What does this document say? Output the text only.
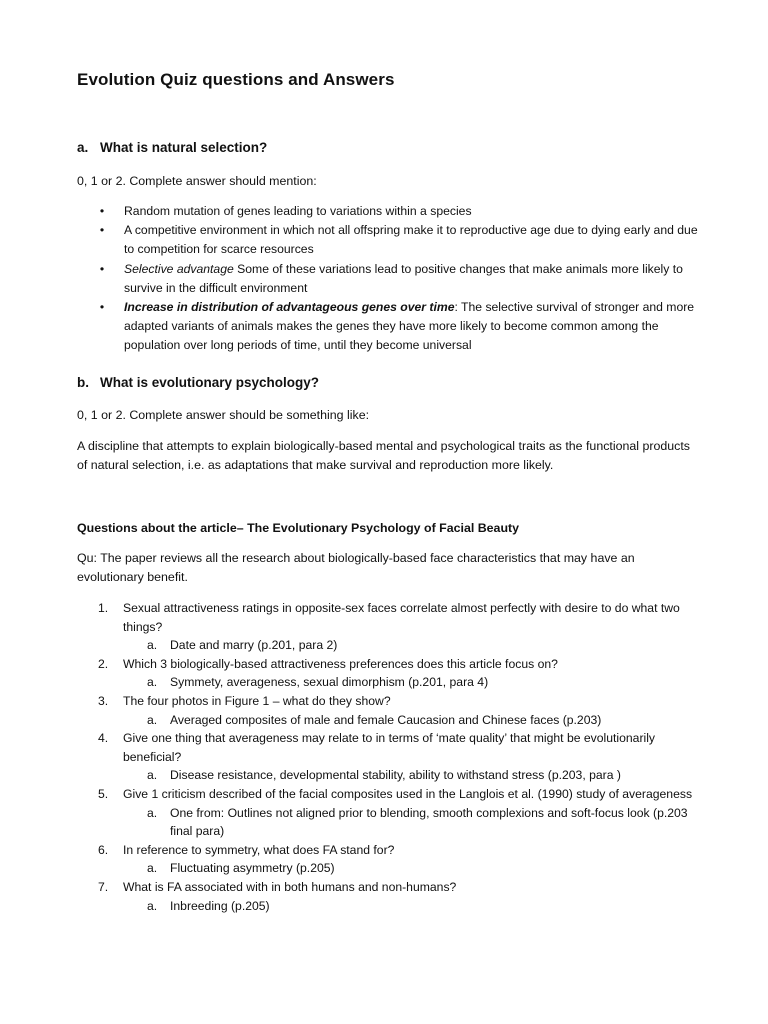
Evolution Quiz questions and Answers
a. What is natural selection?
0, 1 or 2. Complete answer should mention:
• Random mutation of genes leading to variations within a species
• A competitive environment in which not all offspring make it to reproductive age due to dying early and due to competition for scarce resources
• Selective advantage Some of these variations lead to positive changes that make animals more likely to survive in the difficult environment
• Increase in distribution of advantageous genes over time: The selective survival of stronger and more adapted variants of animals makes the genes they have more likely to become common among the population over long periods of time, until they become universal
b. What is evolutionary psychology?
0, 1 or 2. Complete answer should be something like:
A discipline that attempts to explain biologically-based mental and psychological traits as the functional products of natural selection, i.e. as adaptations that make survival and reproduction more likely.
Questions about the article– The Evolutionary Psychology of Facial Beauty
Qu: The paper reviews all the research about biologically-based face characteristics that may have an evolutionary benefit.
1. Sexual attractiveness ratings in opposite-sex faces correlate almost perfectly with desire to do what two things?
a. Date and marry (p.201, para 2)
2. Which 3 biologically-based attractiveness preferences does this article focus on?
a. Symmety, averageness, sexual dimorphism (p.201, para 4)
3. The four photos in Figure 1 – what do they show?
a. Averaged composites of male and female Caucasion and Chinese faces (p.203)
4. Give one thing that averageness may relate to in terms of ‘mate quality’ that might be evolutionarily beneficial?
a. Disease resistance, developmental stability, ability to withstand stress (p.203, para )
5. Give 1 criticism described of the facial composites used in the Langlois et al. (1990) study of averageness
a. One from: Outlines not aligned prior to blending, smooth complexions and soft-focus look (p.203 final para)
6. In reference to symmetry, what does FA stand for?
a. Fluctuating asymmetry (p.205)
7. What is FA associated with in both humans and non-humans?
a. Inbreeding (p.205)
